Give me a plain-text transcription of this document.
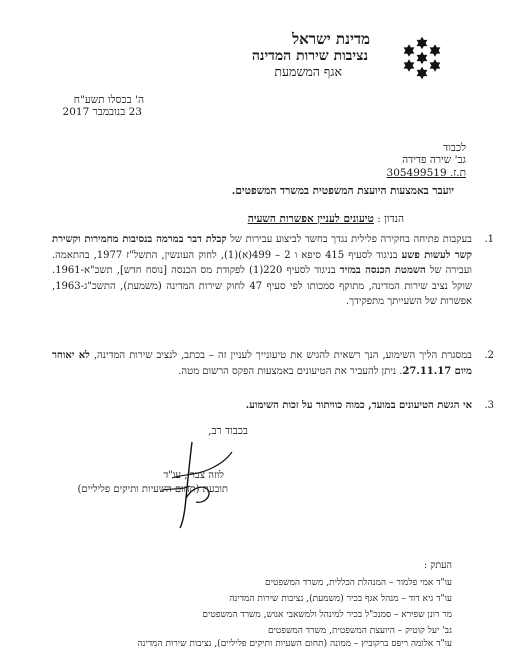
מדינת ישראל
נציבות שירות המדינה
אגף המשמעת
ה' בכסלו תשע"ח
23 בנובמבר 2017
לכבוד
גב' שירה פדידה
ת.ז. 305499519
יועבר באמצעות היועצת המשפטית במשרד המשפטים.
הנדון : טיעונים לעניין אפשרות השעיה
1.
בעקבות פתיחה בחקירה פלילית נגדך בחשד לביצוע עבירות של קבלת דבר במרמה בנסיבות מחמירות וקשירת קשר לעשות פשע בניגוד לסעיף 415 סיפא ו 2 – 499(א)(1), לחוק העונשין, התשל"ז 1977, בהתאמה. ועבירה של השמטת הכנסה במזיד בניגוד לסעיף 220(1) לפקודת מס הכנסה [נוסח חדש], תשכ"א-1961. שוקל נציב שירות המדינה, מתוקף סמכותו לפי סעיף 47 לחוק שירות המדינה (משמעת), התשכ"ג-1963, אפשרות של השעייתך מתפקידך.
2.
במסגרת הליך השימוע, הנך רשאית להגיש את טיעונייך לעניין זה – בכתב, לנציב שירות המדינה, לא יאוחר מיום 27.11.17. ניתן להעביר את הטיעונים באמצעות הפקס הרשום מטה.
3.
אי הגשת הטיעונים במועד, כמוה כוויתור על זכות השימוע.
בכבוד רב,
לוזה צברי, עו"ד
תובעת (תחום השעיות ותיקים פליליים)
העתק :
עו"ד אמי פלמור – המנהלת הכללית, משרד המשפטים
עו"ד גיא דוד – מנהל אגף בכיר (משמעת), נציבות שירות המדינה
מר רונן שפירא – סמנכ"ל בכיר למינהל ולמשאבי אנוש, משרד המשפטים
גב' יעל קוטיק – היועצת המשפטית, משרד המשפטים
עו"ד אלומה ריפס ברקוביץ – ממונה (תחום השעיות ותיקים פליליים), נציבות שירות המדינה
